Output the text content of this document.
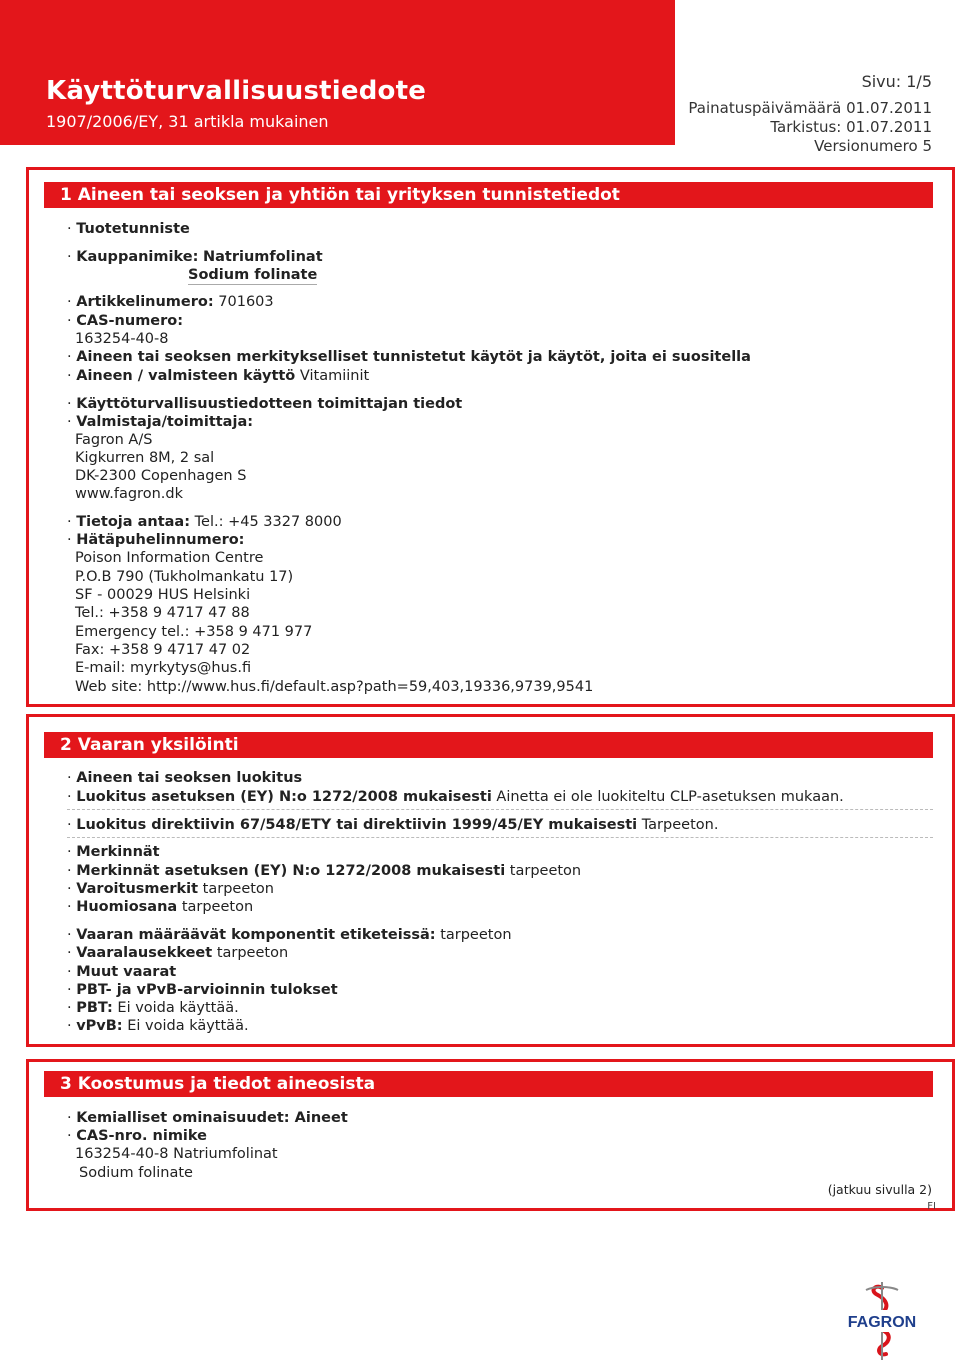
Käyttöturvallisuustiedote
1907/2006/EY, 31 artikla mukainen
Sivu: 1/5
Painatuspäivämäärä 01.07.2011
Tarkistus: 01.07.2011
Versionumero 5
1 Aineen tai seoksen ja yhtiön tai yrityksen tunnistetiedot
· Tuotetunniste
· Kauppanimike: Natriumfolinat
Sodium folinate
· Artikkelinumero: 701603
· CAS-numero:
163254-40-8
· Aineen tai seoksen merkitykselliset tunnistetut käytöt ja käytöt, joita ei suositella
· Aineen / valmisteen käyttö Vitamiinit
· Käyttöturvallisuustiedotteen toimittajan tiedot
· Valmistaja/toimittaja:
Fagron A/S
Kigkurren 8M, 2 sal
DK-2300 Copenhagen S
www.fagron.dk
· Tietoja antaa: Tel.: +45 3327 8000
· Hätäpuhelinnumero:
Poison Information Centre
P.O.B 790 (Tukholmankatu 17)
SF - 00029 HUS Helsinki
Tel.: +358 9 4717 47 88
Emergency tel.: +358 9 471 977
Fax: +358 9 4717 47 02
E-mail: myrkytys@hus.fi
Web site: http://www.hus.fi/default.asp?path=59,403,19336,9739,9541
2 Vaaran yksilöinti
· Aineen tai seoksen luokitus
· Luokitus asetuksen (EY) N:o 1272/2008 mukaisesti Ainetta ei ole luokiteltu CLP-asetuksen mukaan.
· Luokitus direktiivin 67/548/ETY tai direktiivin 1999/45/EY mukaisesti Tarpeeton.
· Merkinnät
· Merkinnät asetuksen (EY) N:o 1272/2008 mukaisesti tarpeeton
· Varoitusmerkit tarpeeton
· Huomiosana tarpeeton
· Vaaran määräävät komponentit etiketeissä: tarpeeton
· Vaaralausekkeet tarpeeton
· Muut vaarat
· PBT- ja vPvB-arvioinnin tulokset
· PBT: Ei voida käyttää.
· vPvB: Ei voida käyttää.
3 Koostumus ja tiedot aineosista
· Kemialliset ominaisuudet: Aineet
· CAS-nro. nimike
163254-40-8 Natriumfolinat
Sodium folinate
(jatkuu sivulla 2)
FI
FAGRON
